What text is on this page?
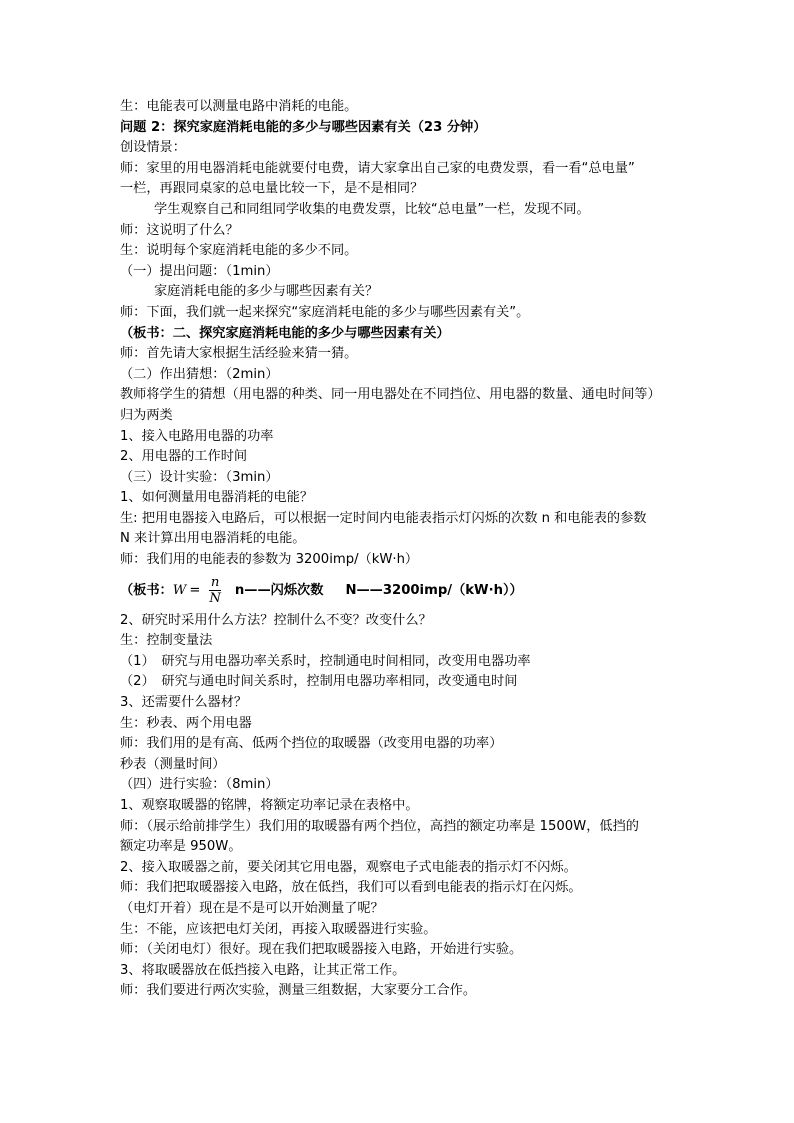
生：电能表可以测量电路中消耗的电能。
问题 2：探究家庭消耗电能的多少与哪些因素有关（23 分钟）
创设情景：
师：家里的用电器消耗电能就要付电费，请大家拿出自己家的电费发票，看一看“总电量”
一栏，再跟同桌家的总电量比较一下，是不是相同？
学生观察自己和同组同学收集的电费发票，比较“总电量”一栏，发现不同。
师：这说明了什么？
生：说明每个家庭消耗电能的多少不同。
（一）提出问题：（1min）
家庭消耗电能的多少与哪些因素有关？
师：下面，我们就一起来探究“家庭消耗电能的多少与哪些因素有关”。
（板书：二、探究家庭消耗电能的多少与哪些因素有关）
师：首先请大家根据生活经验来猜一猜。
（二）作出猜想：（2min）
教师将学生的猜想（用电器的种类、同一用电器处在不同挡位、用电器的数量、通电时间等）
归为两类
1、接入电路用电器的功率
2、用电器的工作时间
（三）设计实验：（3min）
1、如何测量用电器消耗的电能？
生: 把用电器接入电路后，可以根据一定时间内电能表指示灯闪烁的次数 n 和电能表的参数
N 来计算出用电器消耗的电能。
师：我们用的电能表的参数为 3200imp/（kW·h）
（板书： $W = \frac{n}{N}$ n——闪烁次数 N——3200imp/（kW·h））
2、研究时采用什么方法？控制什么不变？改变什么？
生：控制变量法
（1）　研究与用电器功率关系时，控制通电时间相同，改变用电器功率
（2）　研究与通电时间关系时，控制用电器功率相同，改变通电时间
3、还需要什么器材？
生：秒表、两个用电器
师：我们用的是有高、低两个挡位的取暖器（改变用电器的功率）
秒表（测量时间）
（四）进行实验：（8min）
1、观察取暖器的铭牌，将额定功率记录在表格中。
师：（展示给前排学生）我们用的取暖器有两个挡位，高挡的额定功率是 1500W，低挡的
额定功率是 950W。
2、接入取暖器之前，要关闭其它用电器，观察电子式电能表的指示灯不闪烁。
师：我们把取暖器接入电路，放在低挡，我们可以看到电能表的指示灯在闪烁。
（电灯开着）现在是不是可以开始测量了呢？
生：不能，应该把电灯关闭，再接入取暖器进行实验。
师：（关闭电灯）很好。现在我们把取暖器接入电路，开始进行实验。
3、将取暖器放在低挡接入电路，让其正常工作。
师：我们要进行两次实验，测量三组数据，大家要分工合作。
